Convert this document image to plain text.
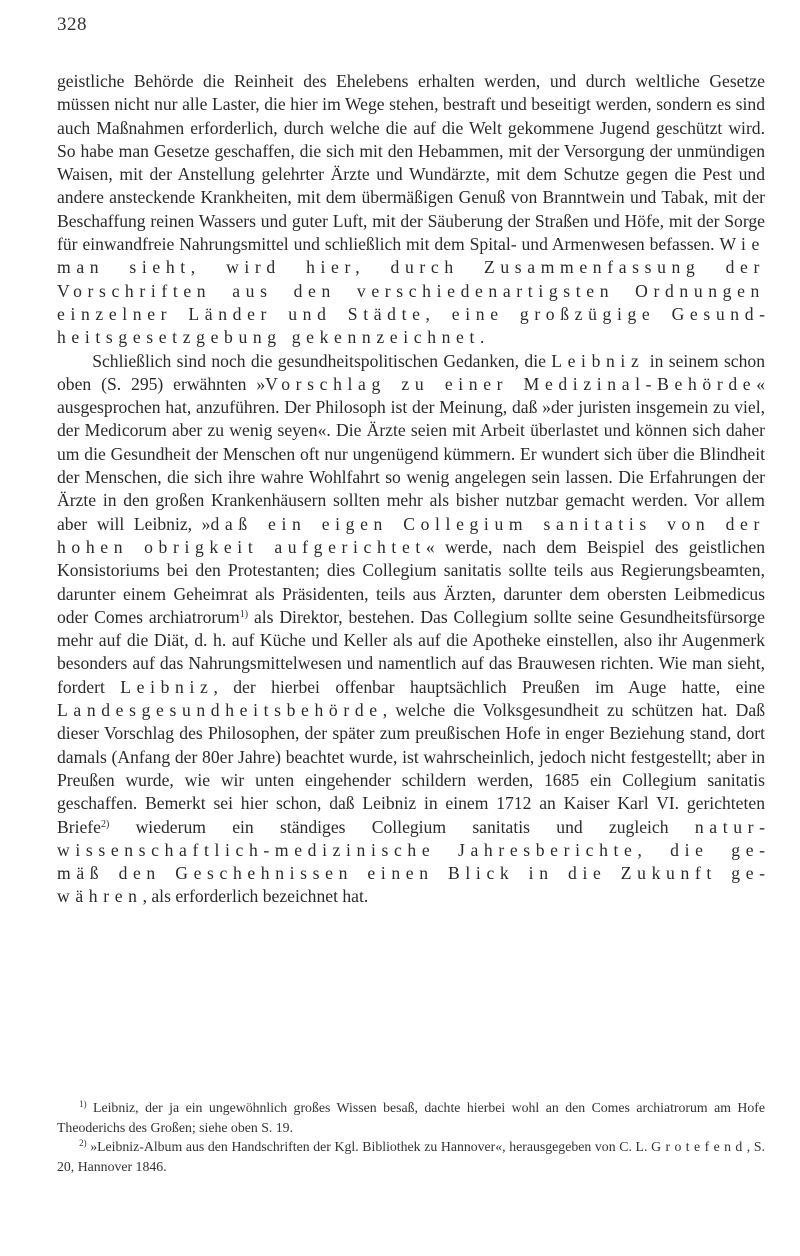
328

geistliche Behörde die Reinheit des Ehelebens erhalten werden, und durch weltliche Gesetze müssen nicht nur alle Laster, die hier im Wege stehen, bestraft und beseitigt werden, sondern es sind auch Maßnahmen erforderlich, durch welche die auf die Welt gekommene Jugend geschützt wird. So habe man Gesetze geschaffen, die sich mit den Hebammen, mit der Versorgung der unmündigen Waisen, mit der Anstellung gelehrter Ärzte und Wundärzte, mit dem Schutze gegen die Pest und andere ansteckende Krankheiten, mit dem übermäßigen Genuß von Branntwein und Tabak, mit der Beschaffung reinen Wassers und guter Luft, mit der Säuberung der Straßen und Höfe, mit der Sorge für einwandfreie Nahrungsmittel und schließlich mit dem Spital- und Armenwesen befassen. Wie man sieht, wird hier, durch Zusammenfassung der Vorschriften aus den verschiedenartigsten Ordnungen einzelner Länder und Städte, eine großzügige Gesundheitsgesetzgebung gekennzeichnet.

Schließlich sind noch die gesundheitspolitischen Gedanken, die Leibniz in seinem schon oben (S. 295) erwähnten »Vorschlag zu einer Medizinal-Behörde« ausgesprochen hat, anzuführen. Der Philosoph ist der Meinung, daß »der juristen insgemein zu viel, der Medicorum aber zu wenig seyen«. Die Ärzte seien mit Arbeit überlastet und können sich daher um die Gesundheit der Menschen oft nur ungenügend kümmern. Er wundert sich über die Blindheit der Menschen, die sich ihre wahre Wohlfahrt so wenig angelegen sein lassen. Die Erfahrungen der Ärzte in den großen Krankenhäusern sollten mehr als bisher nutzbar gemacht werden. Vor allem aber will Leibniz, »daß ein eigen Collegium sanitatis von der hohen obrigkeit aufgerichtet« werde, nach dem Beispiel des geistlichen Konsistoriums bei den Protestanten; dies Collegium sanitatis sollte teils aus Regierungsbeamten, darunter einem Geheimrat als Präsidenten, teils aus Ärzten, darunter dem obersten Leibmedicus oder Comes archiatrorum$^{1)}$ als Direktor, bestehen. Das Collegium sollte seine Gesundheitsfürsorge mehr auf die Diät, d. h. auf Küche und Keller als auf die Apotheke einstellen, also ihr Augenmerk besonders auf das Nahrungsmittelwesen und namentlich auf das Brauwesen richten. Wie man sieht, fordert Leibniz, der hierbei offenbar hauptsächlich Preußen im Auge hatte, eine Landesgesundheitsbehörde, welche die Volksgesundheit zu schützen hat. Daß dieser Vorschlag des Philosophen, der später zum preußischen Hofe in enger Beziehung stand, dort damals (Anfang der 80er Jahre) beachtet wurde, ist wahrscheinlich, jedoch nicht festgestellt; aber in Preußen wurde, wie wir unten eingehender schildern werden, 1685 ein Collegium sanitatis geschaffen. Bemerkt sei hier schon, daß Leibniz in einem 1712 an Kaiser Karl VI. gerichteten Briefe$^{2)}$ wiederum ein ständiges Collegium sanitatis und zugleich naturwissenschaftlich-medizinische Jahresberichte, die gemäß den Geschehnissen einen Blick in die Zukunft gewähren, als erforderlich bezeichnet hat.

$^{1)}$ Leibniz, der ja ein ungewöhnlich großes Wissen besaß, dachte hierbei wohl an den Comes archiatrorum am Hofe Theoderichs des Großen; siehe oben S. 19.

$^{2)}$ »Leibniz-Album aus den Handschriften der Kgl. Bibliothek zu Hannover«, herausgegeben von C. L. Grotefend, S. 20, Hannover 1846.
